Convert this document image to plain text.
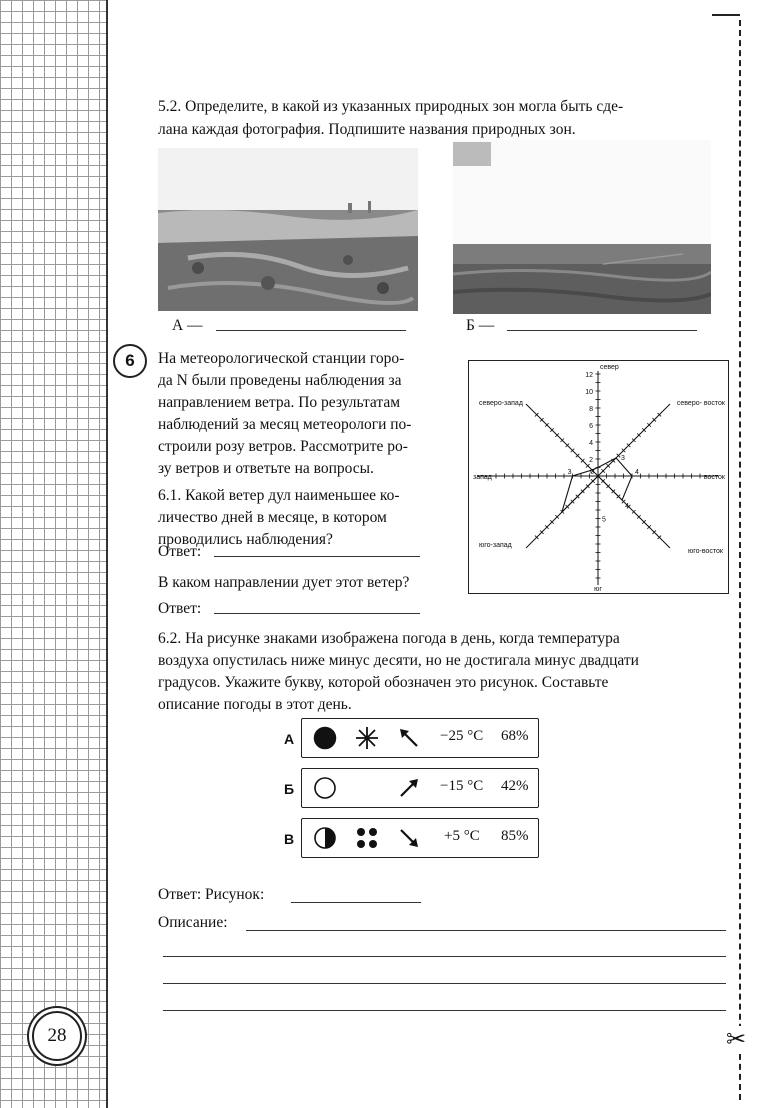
28	✂
5.2. Определите, в какой из указанных природных зон могла быть сде-
лана каждая фотография. Подпишите названия природных зон.
А —	Б —
6	На метеорологической станции горо-
да N были проведены наблюдения за
направлением ветра. По результатам
наблюдений за месяц метеорологи по-
строили розу ветров. Рассмотрите ро-
зу ветров и ответьте на вопросы.
6.1. Какой ветер дул наименьшее ко-
личество дней в месяце, в котором
проводились наблюдения?
Ответ:
В каком направлении дует этот ветер?
Ответ:
12
10
8
6
4
2
5
север
северо- восток
восток
юго-восток
юг
юго-запад
запад
северо-запад
3
4
4
3	0
6.2. На рисунке знаками изображена погода в день, когда температура
воздуха опустилась ниже минус десяти, но не достигала минус двадцати
градусов. Укажите букву, которой обозначен это рисунок. Составьте
описание погоды в этот день.
А	−25 °C 68%
Б	−15 °C 42%
В	+5 °C 85%
Ответ: Рисунок:
Описание:
